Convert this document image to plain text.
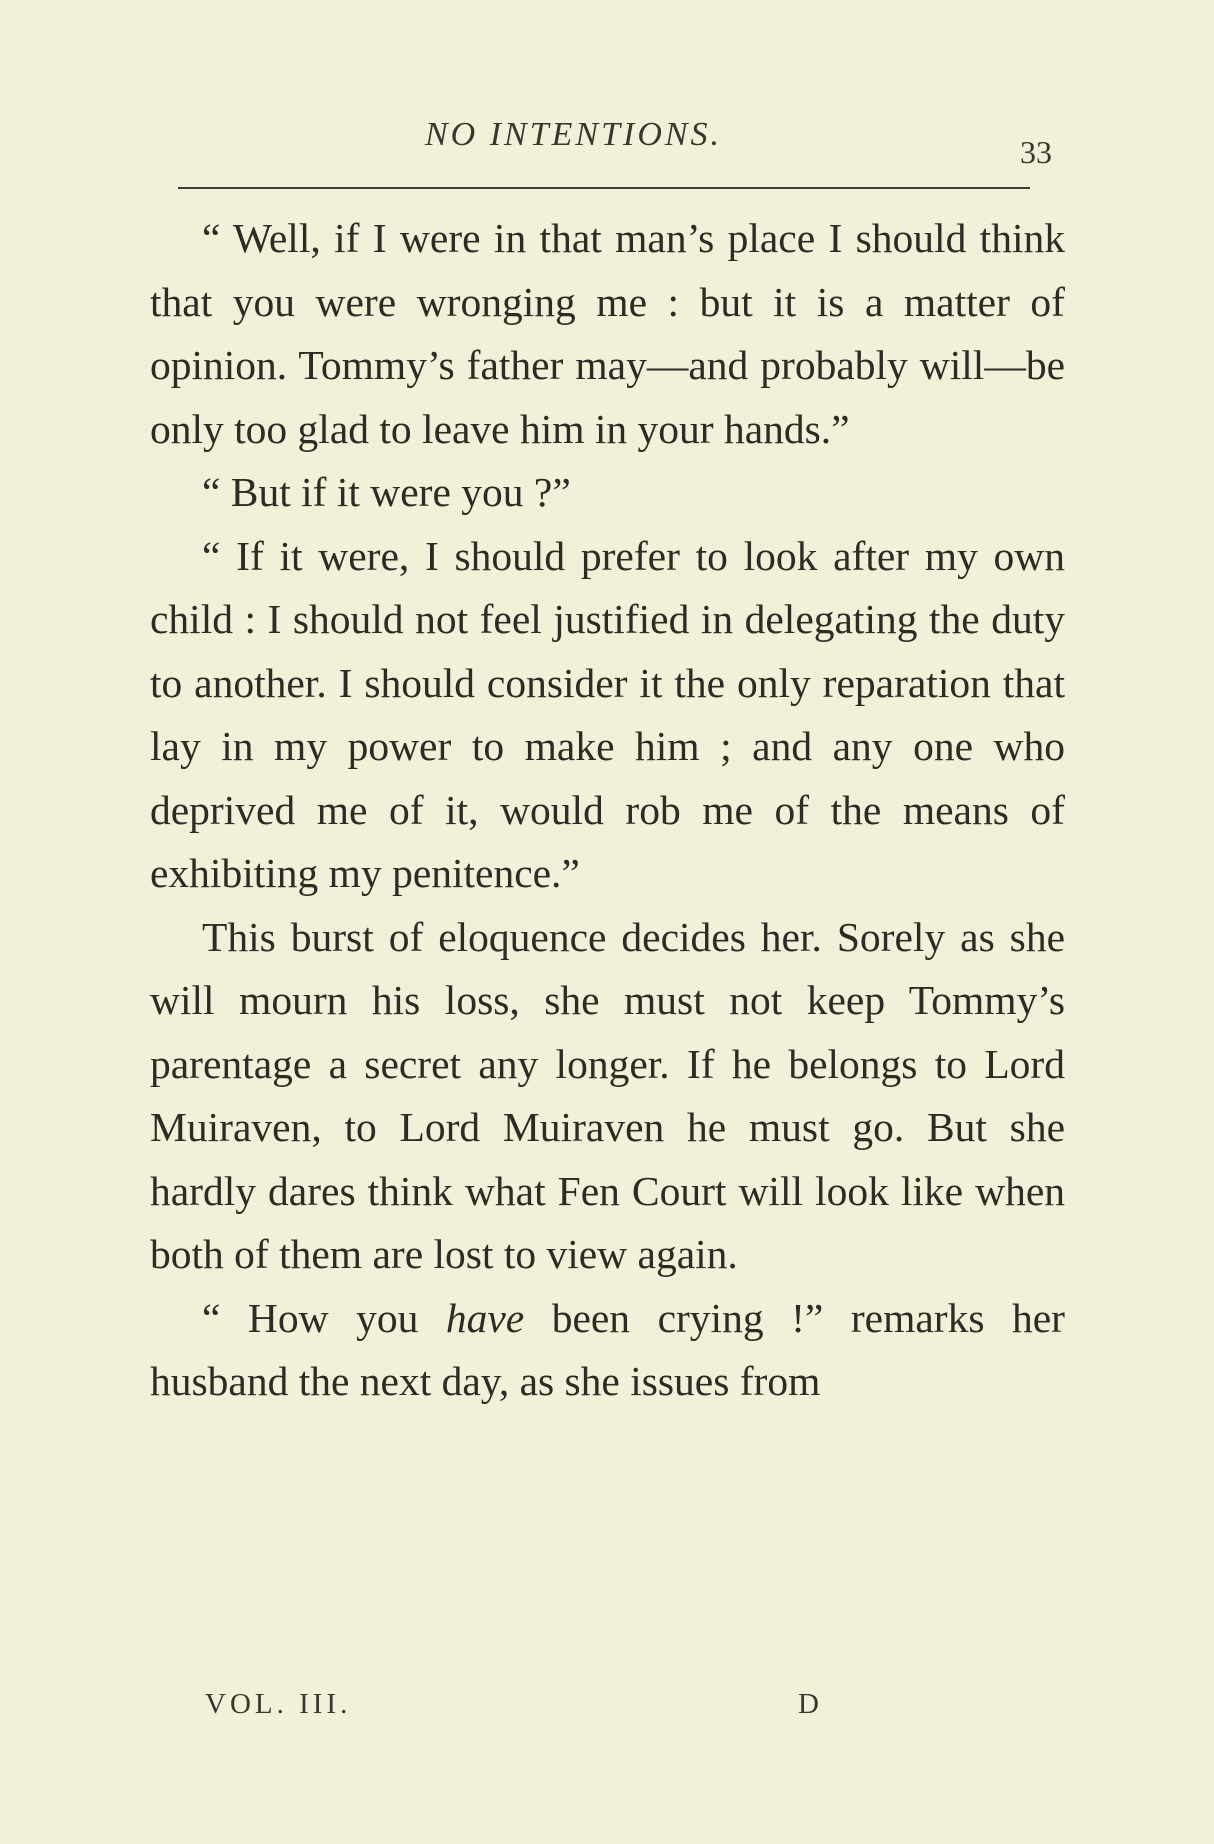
NO INTENTIONS.	33

“ Well, if I were in that man’s place I should think that you were wronging me : but it is a matter of opinion. Tommy’s father may—and probably will—be only too glad to leave him in your hands.”

“ But if it were you ?”

“ If it were, I should prefer to look after my own child : I should not feel justified in delegating the duty to another. I should consider it the only reparation that lay in my power to make him ; and any one who deprived me of it, would rob me of the means of exhibiting my penitence.”

This burst of eloquence decides her. Sorely as she will mourn his loss, she must not keep Tommy’s parentage a secret any longer. If he belongs to Lord Muiraven, to Lord Muiraven he must go. But she hardly dares think what Fen Court will look like when both of them are lost to view again.

“ How you have been crying !” remarks her husband the next day, as she issues from

VOL. III.	D
